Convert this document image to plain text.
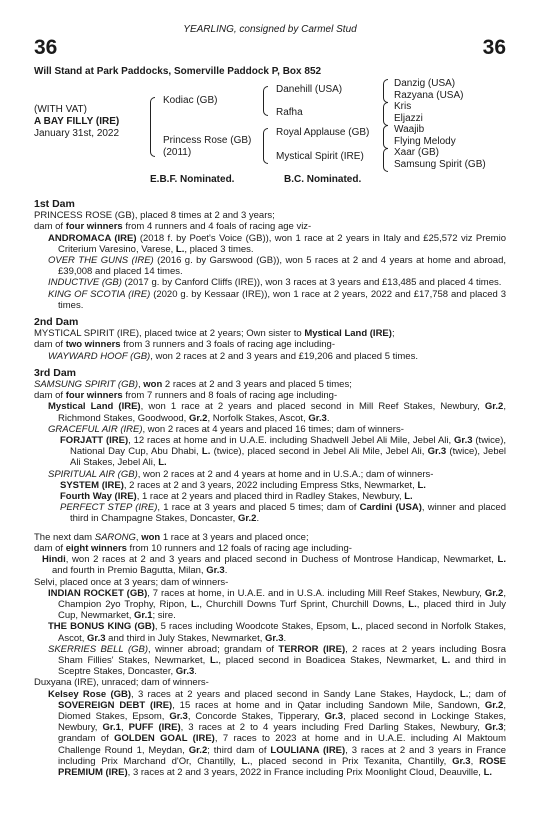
YEARLING, consigned by Carmel Stud
36	36
Will Stand at Park Paddocks, Somerville Paddock P, Box 852
(WITH VAT)
A BAY FILLY (IRE)
January 31st, 2022
Kodiac (GB)
Princess Rose (GB)
(2011)
Danehill (USA)
Rafha
Royal Applause (GB)
Mystical Spirit (IRE)
Danzig (USA)
Razyana (USA)
Kris
Eljazzi
Waajib
Flying Melody
Xaar (GB)
Samsung Spirit (GB)
E.B.F. Nominated.	B.C. Nominated.
1st Dam

PRINCESS ROSE (GB), placed 8 times at 2 and 3 years;

dam of four winners from 4 runners and 4 foals of racing age viz-

ANDROMACA (IRE) (2018 f. by Poet's Voice (GB)), won 1 race at 2 years in Italy and £25,572 viz Premio Criterium Varesino, Varese, L., placed 3 times.

OVER THE GUNS (IRE) (2016 g. by Garswood (GB)), won 5 races at 2 and 4 years at home and abroad, £39,008 and placed 14 times.

INDUCTIVE (GB) (2017 g. by Canford Cliffs (IRE)), won 3 races at 3 years and £13,485 and placed 4 times.

KING OF SCOTIA (IRE) (2020 g. by Kessaar (IRE)), won 1 race at 2 years, 2022 and £17,758 and placed 3 times.

2nd Dam

MYSTICAL SPIRIT (IRE), placed twice at 2 years; Own sister to Mystical Land (IRE);

dam of two winners from 3 runners and 3 foals of racing age including-

WAYWARD HOOF (GB), won 2 races at 2 and 3 years and £19,206 and placed 5 times.

3rd Dam

SAMSUNG SPIRIT (GB), won 2 races at 2 and 3 years and placed 5 times;

dam of four winners from 7 runners and 8 foals of racing age including-

Mystical Land (IRE), won 1 race at 2 years and placed second in Mill Reef Stakes, Newbury, Gr.2, Richmond Stakes, Goodwood, Gr.2, Norfolk Stakes, Ascot, Gr.3.

GRACEFUL AIR (IRE), won 2 races at 4 years and placed 16 times; dam of winners-

FORJATT (IRE), 12 races at home and in U.A.E. including Shadwell Jebel Ali Mile, Jebel Ali, Gr.3 (twice), National Day Cup, Abu Dhabi, L. (twice), placed second in Jebel Ali Mile, Jebel Ali, Gr.3 (twice), Jebel Ali Stakes, Jebel Ali, L.

SPIRITUAL AIR (GB), won 2 races at 2 and 4 years at home and in U.S.A.; dam of winners-

SYSTEM (IRE), 2 races at 2 and 3 years, 2022 including Empress Stks, Newmarket, L.

Fourth Way (IRE), 1 race at 2 years and placed third in Radley Stakes, Newbury, L.

PERFECT STEP (IRE), 1 race at 3 years and placed 5 times; dam of Cardini (USA), winner and placed third in Champagne Stakes, Doncaster, Gr.2.

The next dam SARONG, won 1 race at 3 years and placed once;

dam of eight winners from 10 runners and 12 foals of racing age including-

Hindi, won 2 races at 2 and 3 years and placed second in Duchess of Montrose Handicap, Newmarket, L. and fourth in Premio Bagutta, Milan, Gr.3.

Selvi, placed once at 3 years; dam of winners-

INDIAN ROCKET (GB), 7 races at home, in U.A.E. and in U.S.A. including Mill Reef Stakes, Newbury, Gr.2, Champion 2yo Trophy, Ripon, L., Churchill Downs Turf Sprint, Churchill Downs, L., placed third in July Cup, Newmarket, Gr.1; sire.

THE BONUS KING (GB), 5 races including Woodcote Stakes, Epsom, L., placed second in Norfolk Stakes, Ascot, Gr.3 and third in July Stakes, Newmarket, Gr.3.

SKERRIES BELL (GB), winner abroad; grandam of TERROR (IRE), 2 races at 2 years including Bosra Sham Fillies' Stakes, Newmarket, L., placed second in Boadicea Stakes, Newmarket, L. and third in Sceptre Stakes, Doncaster, Gr.3.

Duxyana (IRE), unraced; dam of winners-

Kelsey Rose (GB), 3 races at 2 years and placed second in Sandy Lane Stakes, Haydock, L.; dam of SOVEREIGN DEBT (IRE), 15 races at home and in Qatar including Sandown Mile, Sandown, Gr.2, Diomed Stakes, Epsom, Gr.3, Concorde Stakes, Tipperary, Gr.3, placed second in Lockinge Stakes, Newbury, Gr.1, PUFF (IRE), 3 races at 2 to 4 years including Fred Darling Stakes, Newbury, Gr.3; grandam of GOLDEN GOAL (IRE), 7 races to 2023 at home and in U.A.E. including Al Maktoum Challenge Round 1, Meydan, Gr.2; third dam of LOULIANA (IRE), 3 races at 2 and 3 years in France including Prix Marchand d'Or, Chantilly, L., placed second in Prix Texanita, Chantilly, Gr.3, ROSE PREMIUM (IRE), 3 races at 2 and 3 years, 2022 in France including Prix Moonlight Cloud, Deauville, L.
